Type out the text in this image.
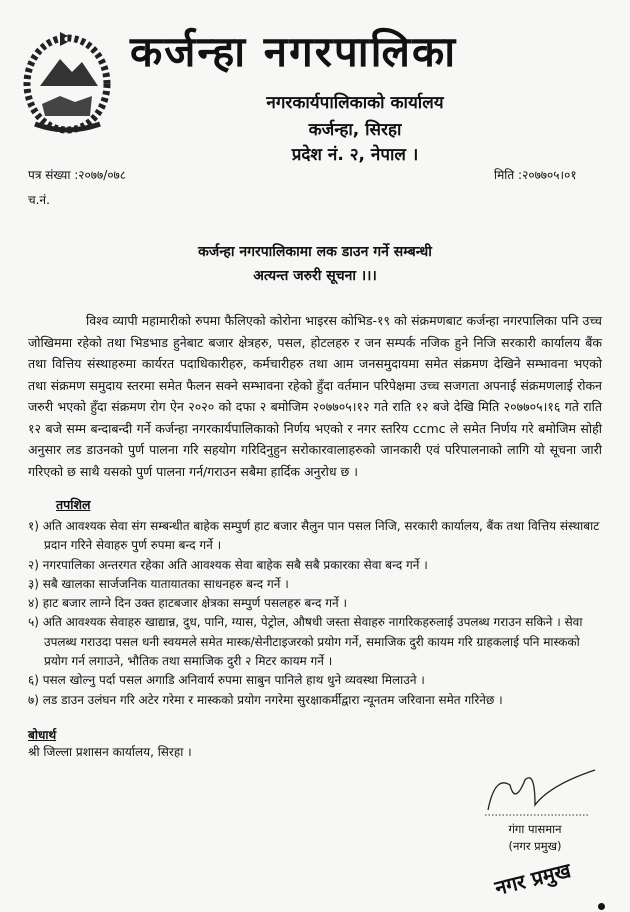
कर्जन्हा नगरपालिका
नगरकार्यपालिकाको कार्यालय
कर्जन्हा, सिरहा
प्रदेश नं. २, नेपाल ।
पत्र संख्या :२०७७/०७८
च.नं.
मिति :२०७७०५।०१
कर्जन्हा नगरपालिकामा लक डाउन गर्ने सम्बन्धी
अत्यन्त जरुरी सूचना ।।।
विश्व व्यापी महामारीको रुपमा फैलिएको कोरोना भाइरस कोभिड-१९ को संक्रमणबाट कर्जन्हा नगरपालिका पनि उच्च जोखिममा रहेको तथा भिडभाड हुनेबाट बजार क्षेत्रहरु, पसल, होटलहरु र जन सम्पर्क नजिक हुने निजि सरकारी कार्यालय बैंक तथा वित्तिय संस्थाहरुमा कार्यरत पदाधिकारीहरु, कर्मचारीहरु तथा आम जनसमुदायमा समेत संक्रमण देखिने सम्भावना भएको तथा संक्रमण समुदाय स्तरमा समेत फैलन सक्ने सम्भावना रहेको हुँदा वर्तमान परिपेक्षमा उच्च सजगता अपनाई संक्रमणलाई रोकन जरुरी भएको हुँदा संक्रमण रोग ऐन २०२० को दफा २ बमोजिम २०७७०५।१२ गते राति १२ बजे देखि मिति २०७७०५।१६ गते राति १२ बजे सम्म बन्दाबन्दी गर्ने कर्जन्हा नगरकार्यपालिकाको निर्णय भएको र नगर स्तरिय ccmc ले समेत निर्णय गरे बमोजिम सोही अनुसार लड डाउनको पुर्ण पालना गरि सहयोग गरिदिनुहुन सरोकारवालाहरुको जानकारी एवं परिपालनाको लागि यो सूचना जारी गरिएको छ साथै यसको पुर्ण पालना गर्न/गराउन सबैमा हार्दिक अनुरोध छ ।
तपशिल
१) अति आवश्यक सेवा संग सम्बन्धीत बाहेक सम्पुर्ण हाट बजार सैलुन पान पसल निजि, सरकारी कार्यालय, बैंक तथा वित्तिय संस्थाबाट प्रदान गरिने सेवाहरु पुर्ण रुपमा बन्द गर्ने ।
२) नगरपालिका अन्तरगत रहेका अति आवश्यक सेवा बाहेक सबै सबै प्रकारका सेवा बन्द गर्ने ।
३) सबै खालका सार्जजनिक यातायातका साधनहरु बन्द गर्ने ।
४) हाट बजार लाग्ने दिन उक्त हाटबजार क्षेत्रका सम्पुर्ण पसलहरु बन्द गर्ने ।
५) अति आवश्यक सेवाहरु खाद्यान्न, दुध, पानि, ग्यास, पेट्रोल, औषधी जस्ता सेवाहरु नागरिकहरुलाई उपलब्ध गराउन सकिने । सेवा उपलब्ध गराउदा पसल धनी स्वयमले समेत मास्क/सेनीटाइजरको प्रयोग गर्ने, समाजिक दुरी कायम गरि ग्राहकलाई पनि मास्कको प्रयोग गर्न लगाउने, भौतिक तथा समाजिक दुरी २ मिटर कायम गर्ने ।
६) पसल खोल्नु पर्दा पसल अगाडि अनिवार्य रुपमा साबुन पानिले हाथ धुने व्यवस्था मिलाउने ।
७) लड डाउन उलंघन गरि अटेर गरेमा र मास्कको प्रयोग नगरेमा सुरक्षाकर्मीद्वारा न्यूनतम जरिवाना समेत गरिनेछ ।
बोधार्थ
श्री जिल्ला प्रशासन कार्यालय, सिरहा ।
गंगा पासमान
(नगर प्रमुख)
नगर प्रमुख
